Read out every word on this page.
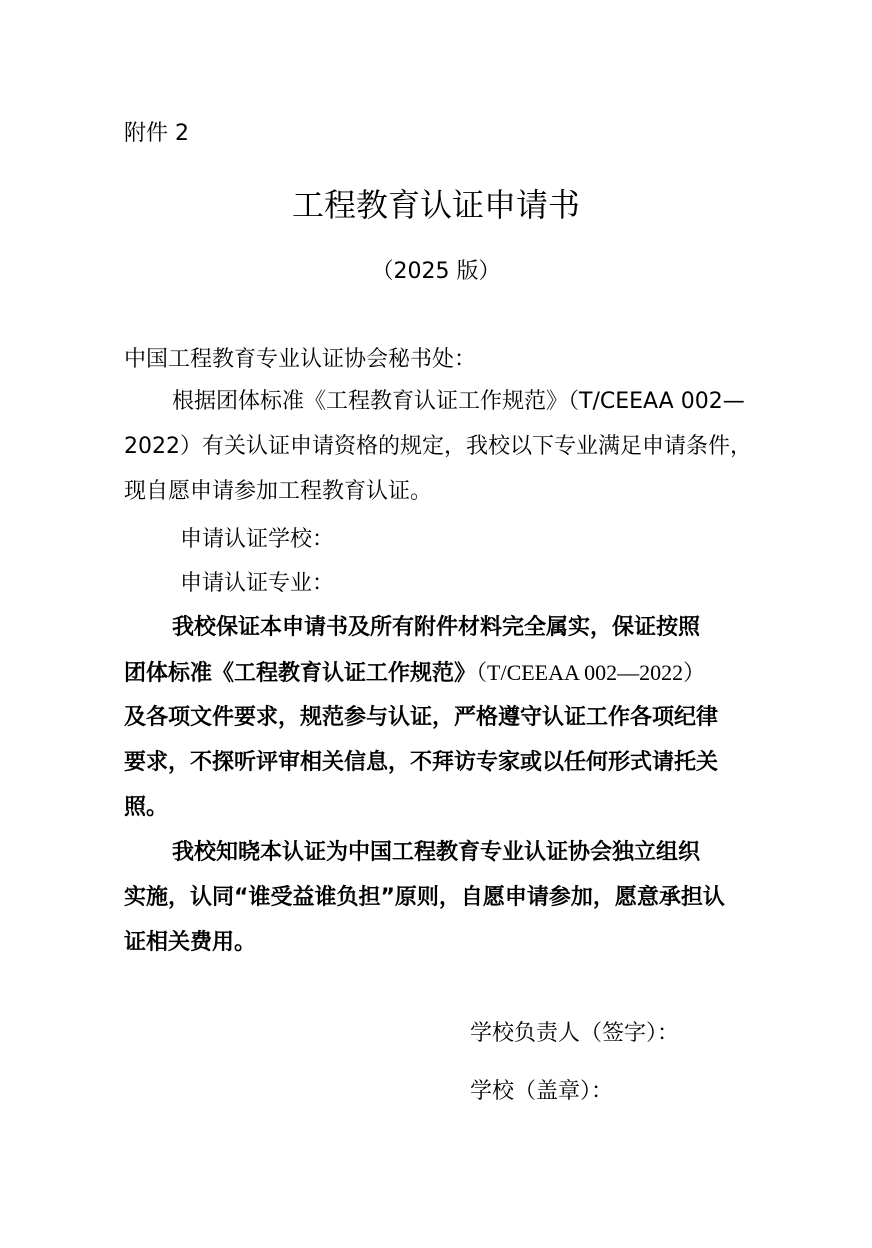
附件 2
工程教育认证申请书
（2025 版）
中国工程教育专业认证协会秘书处：
根据团体标准《工程教育认证工作规范》（T/CEEAA 002—
2022）有关认证申请资格的规定，我校以下专业满足申请条件，
现自愿申请参加工程教育认证。
申请认证学校：
申请认证专业：
我校保证本申请书及所有附件材料完全属实，保证按照
团体标准《工程教育认证工作规范》（T/CEEAA 002—2022）
及各项文件要求，规范参与认证，严格遵守认证工作各项纪律
要求，不探听评审相关信息，不拜访专家或以任何形式请托关
照。
我校知晓本认证为中国工程教育专业认证协会独立组织
实施，认同“谁受益谁负担”原则，自愿申请参加，愿意承担认
证相关费用。
学校负责人（签字）：
学校（盖章）：
